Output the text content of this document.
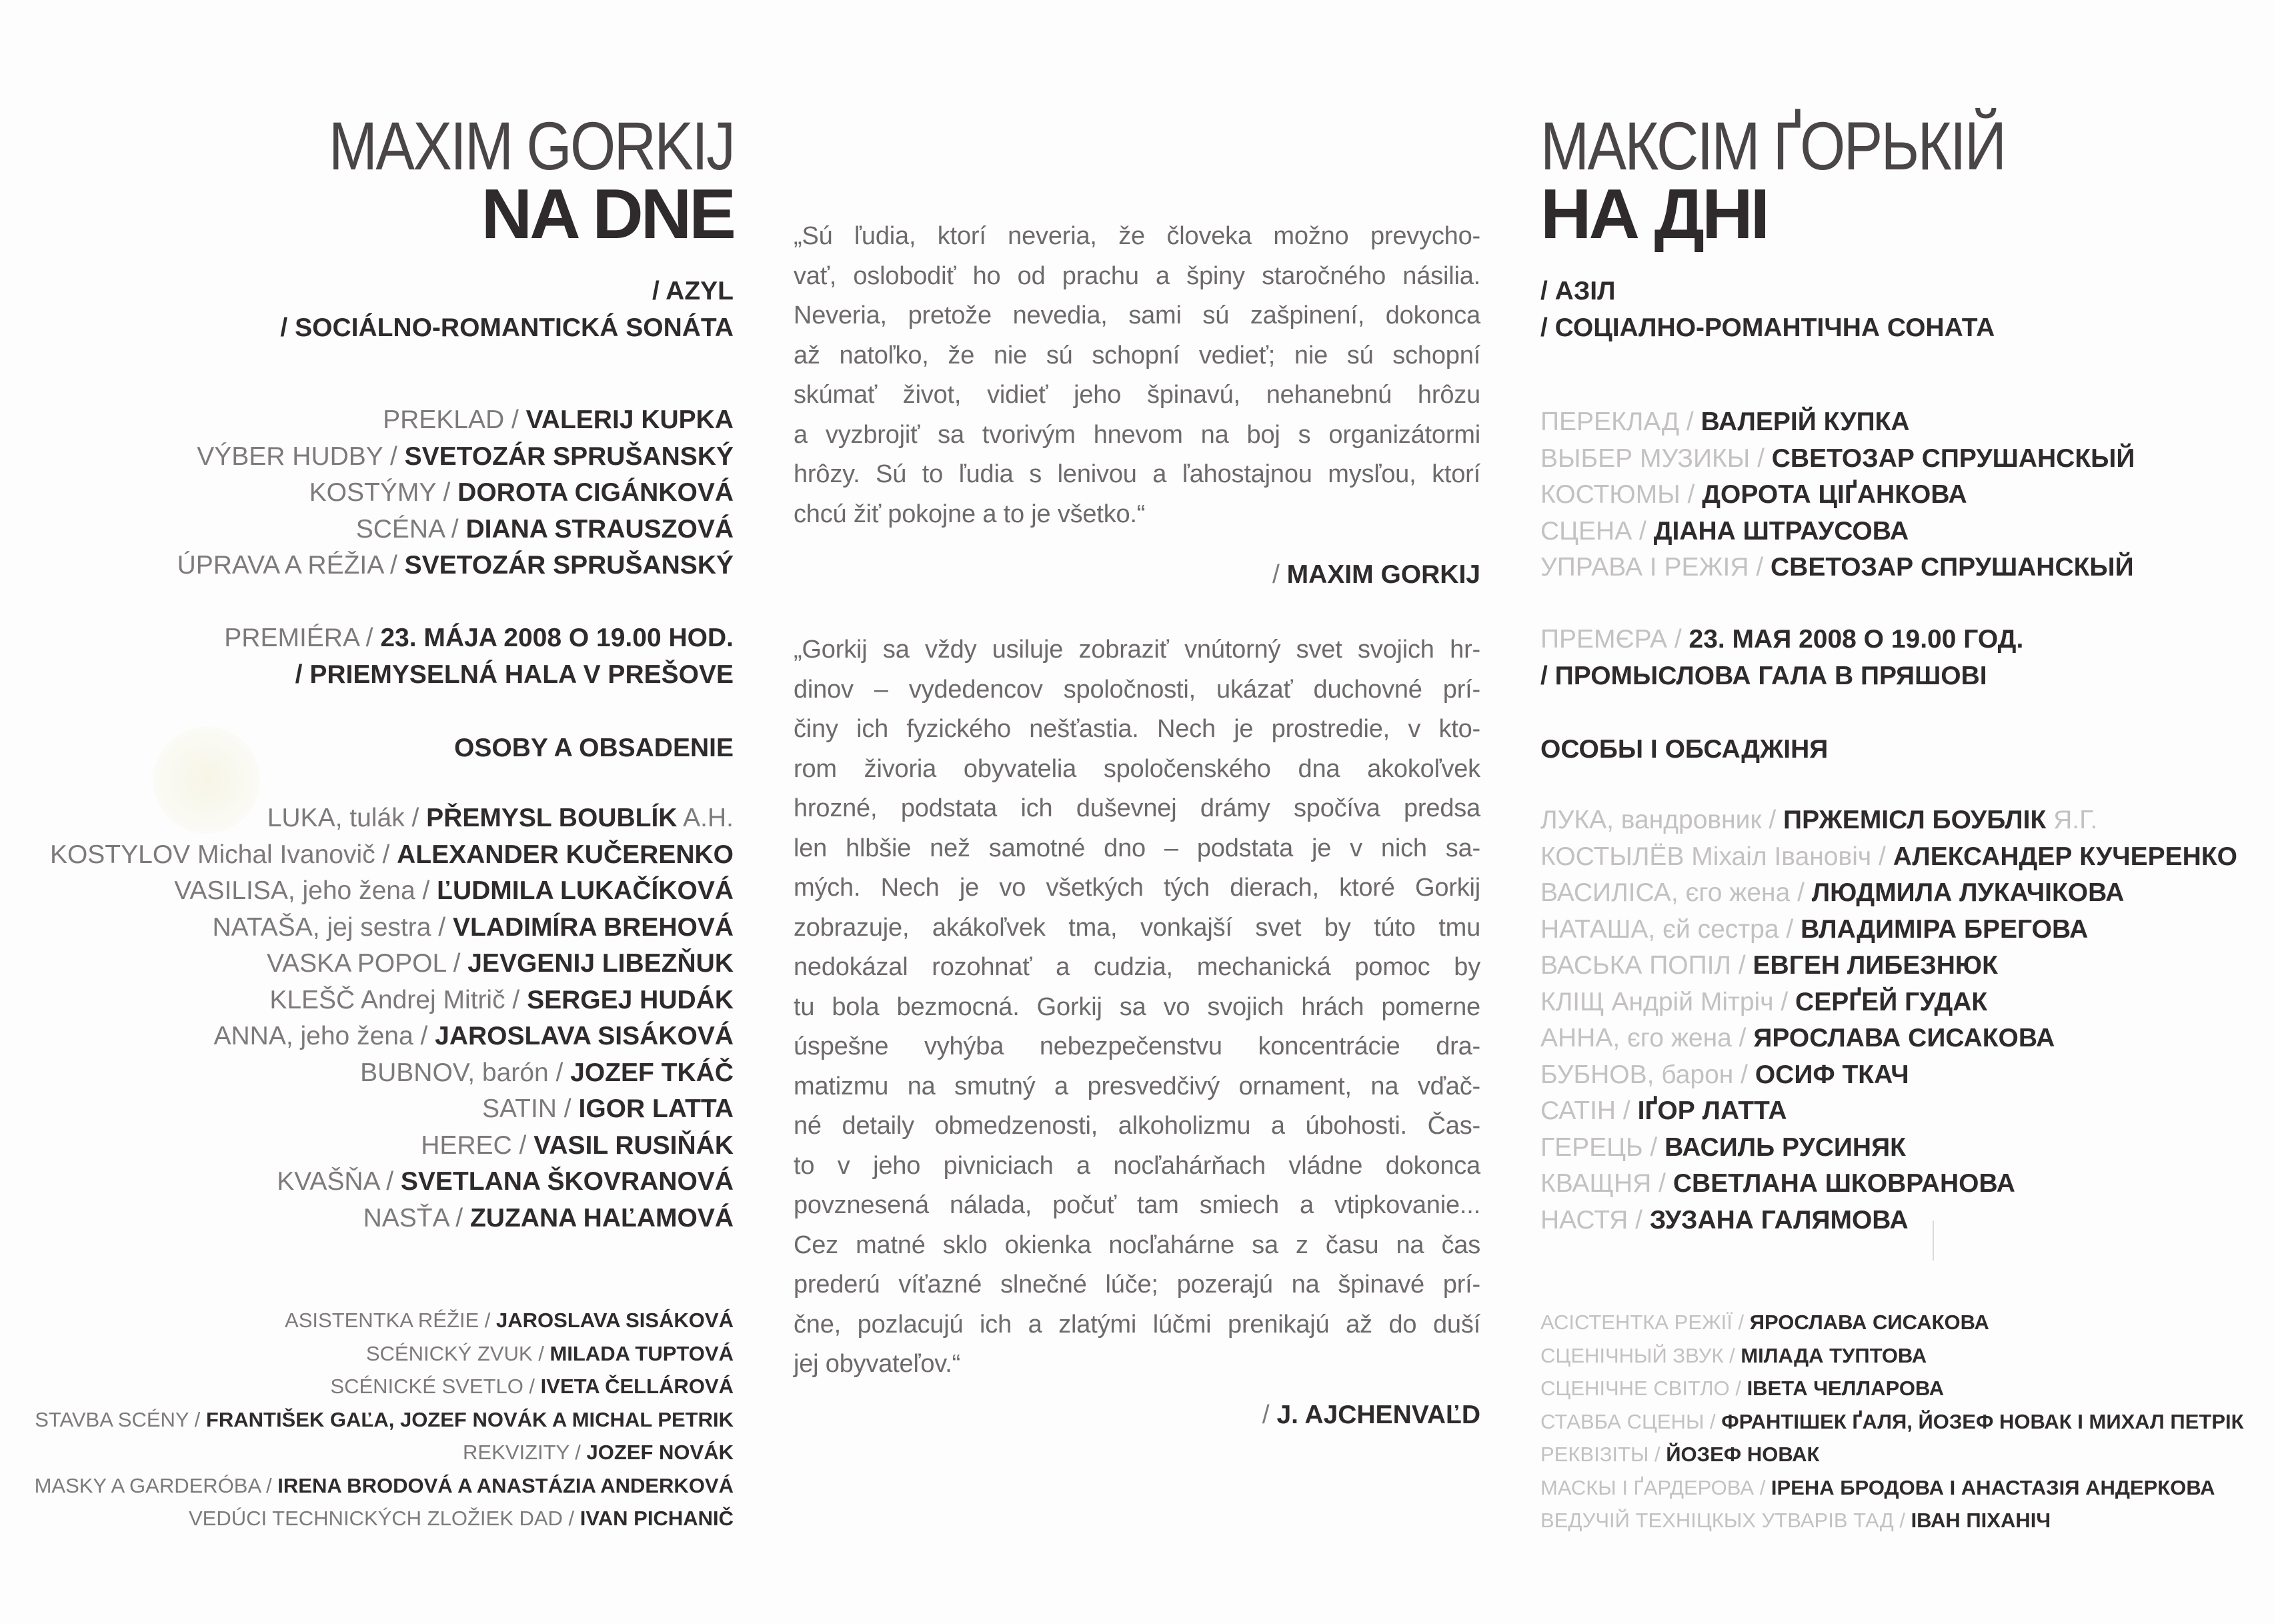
MAXIM GORKIJ
NA DNE
/ AZYL
/ SOCIÁLNO-ROMANTICKÁ SONÁTA
PREKLAD / VALERIJ KUPKA
VÝBER HUDBY / SVETOZÁR SPRUŠANSKÝ
KOSTÝMY / DOROTA CIGÁNKOVÁ
SCÉNA / DIANA STRAUSZOVÁ
ÚPRAVA A RÉŽIA / SVETOZÁR SPRUŠANSKÝ
PREMIÉRA / 23. MÁJA 2008 O 19.00 HOD.
/ PRIEMYSELNÁ HALA V PREŠOVE
OSOBY A OBSADENIE
LUKA, tulák / PŘEMYSL BOUBLÍK A.H.
KOSTYLOV Michal Ivanovič / ALEXANDER KUČERENKO
VASILISA, jeho žena / ĽUDMILA LUKAČÍKOVÁ
NATAŠA, jej sestra / VLADIMÍRA BREHOVÁ
VASKA POPOL / JEVGENIJ LIBEZŇUK
KLEŠČ Andrej Mitrič / SERGEJ HUDÁK
ANNA, jeho žena / JAROSLAVA SISÁKOVÁ
BUBNOV, barón / JOZEF TKÁČ
SATIN / IGOR LATTA
HEREC / VASIL RUSIŇÁK
KVAŠŇA / SVETLANA ŠKOVRANOVÁ
NASŤA / ZUZANA HAĽAMOVÁ
ASISTENTKA RÉŽIE / JAROSLAVA SISÁKOVÁ
SCÉNICKÝ ZVUK / MILADA TUPTOVÁ
SCÉNICKÉ SVETLO / IVETA ČELLÁROVÁ
STAVBA SCÉNY / FRANTIŠEK GAĽA, JOZEF NOVÁK A MICHAL PETRIK
REKVIZITY / JOZEF NOVÁK
MASKY A GARDERÓBA / IRENA BRODOVÁ A ANASTÁZIA ANDERKOVÁ
VEDÚCI TECHNICKÝCH ZLOŽIEK DAD / IVAN PICHANIČ
„Sú ľudia, ktorí neveria, že človeka možno prevycho-
vať, oslobodiť ho od prachu a špiny staročného násilia.
Neveria, pretože nevedia, sami sú zašpinení, dokonca
až natoľko, že nie sú schopní vedieť; nie sú schopní
skúmať život, vidieť jeho špinavú, nehanebnú hrôzu
a vyzbrojiť sa tvorivým hnevom na boj s organizátormi
hrôzy. Sú to ľudia s lenivou a ľahostajnou mysľou, ktorí
chcú žiť pokojne a to je všetko.“
/ MAXIM GORKIJ
„Gorkij sa vždy usiluje zobraziť vnútorný svet svojich hr-
dinov – vydedencov spoločnosti, ukázať duchovné prí-
činy ich fyzického nešťastia. Nech je prostredie, v kto-
rom živoria obyvatelia spoločenského dna akokoľvek
hrozné, podstata ich duševnej drámy spočíva predsa
len hlbšie než samotné dno – podstata je v nich sa-
mých. Nech je vo všetkých tých dierach, ktoré Gorkij
zobrazuje, akákoľvek tma, vonkajší svet by túto tmu
nedokázal rozohnať a cudzia, mechanická pomoc by
tu bola bezmocná. Gorkij sa vo svojich hrách pomerne
úspešne vyhýba nebezpečenstvu koncentrácie dra-
matizmu na smutný a presvedčivý ornament, na vďač-
né detaily obmedzenosti, alkoholizmu a úbohosti. Čas-
to v jeho pivniciach a nocľahárňach vládne dokonca
povznesená nálada, počuť tam smiech a vtipkovanie...
Cez matné sklo okienka nocľahárne sa z času na čas
prederú víťazné slnečné lúče; pozerajú na špinavé prí-
čne, pozlacujú ich a zlatými lúčmi prenikajú až do duší
jej obyvateľov.“
/ J. AJCHENVAĽD
МАКСІМ ҐОРЬКІЙ
НА ДНІ
/ АЗІЛ
/ СОЦІАЛНО-РОМАНТІЧНА СОНАТА
ПЕРЕКЛАД / ВАЛЕРІЙ КУПКА
ВЫБЕР МУЗИКЫ / СВЕТОЗАР СПРУШАНСКЫЙ
КОСТЮМЫ / ДОРОТА ЦІҐАНКОВА
СЦЕНА / ДІАНА ШТРАУСОВА
УПРАВА І РЕЖІЯ / СВЕТОЗАР СПРУШАНСКЫЙ
ПРЕМЄРА / 23. МАЯ 2008 О 19.00 ГОД.
/ ПРОМЫСЛОВА ГАЛА В ПРЯШОВІ
ОСОБЫ І ОБСАДЖІНЯ
ЛУКА, вандровник / ПРЖЕМІСЛ БОУБЛІК Я.Г.
КОСТЫЛЁВ Міхаіл Івановіч / АЛЕКСАНДЕР КУЧЕРЕНКО
ВАСИЛІСА, єго жена / ЛЮДМИЛА ЛУКАЧІКОВА
НАТАША, єй сестра / ВЛАДИМІРА БРЕГОВА
ВАСЬКА ПОПІЛ / ЕВГЕН ЛИБЕЗНЮК
КЛІЩ Андрій Мітріч / СЕРҐЕЙ ГУДАК
АННА, єго жена / ЯРОСЛАВА СИСАКОВА
БУБНОВ, барон / ОСИФ ТКАЧ
САТІН / ІҐОР ЛАТТА
ГЕРЕЦЬ / ВАСИЛЬ РУСИНЯК
КВАЩНЯ / СВЕТЛАНА ШКОВРАНОВА
НАСТЯ / ЗУЗАНА ГАЛЯМОВА
АСІСТЕНТКА РЕЖІЇ / ЯРОСЛАВА СИСАКОВА
СЦЕНІЧНЫЙ ЗВУК / МІЛАДА ТУПТОВА
СЦЕНІЧНЕ СВІТЛО / ІВЕТА ЧЕЛЛАРОВА
СТАВБА СЦЕНЫ / ФРАНТІШЕК ҐАЛЯ, ЙОЗЕФ НОВАК І МИХАЛ ПЕТРІК
РЕКВІЗІТЫ / ЙОЗЕФ НОВАК
МАСКЫ І ҐАРДЕРОВА / ІРЕНА БРОДОВА І АНАСТАЗІЯ АНДЕРКОВА
ВЕДУЧІЙ ТЕХНІЦКЫХ УТВАРІВ ТАД / ІВАН ПІХАНІЧ
